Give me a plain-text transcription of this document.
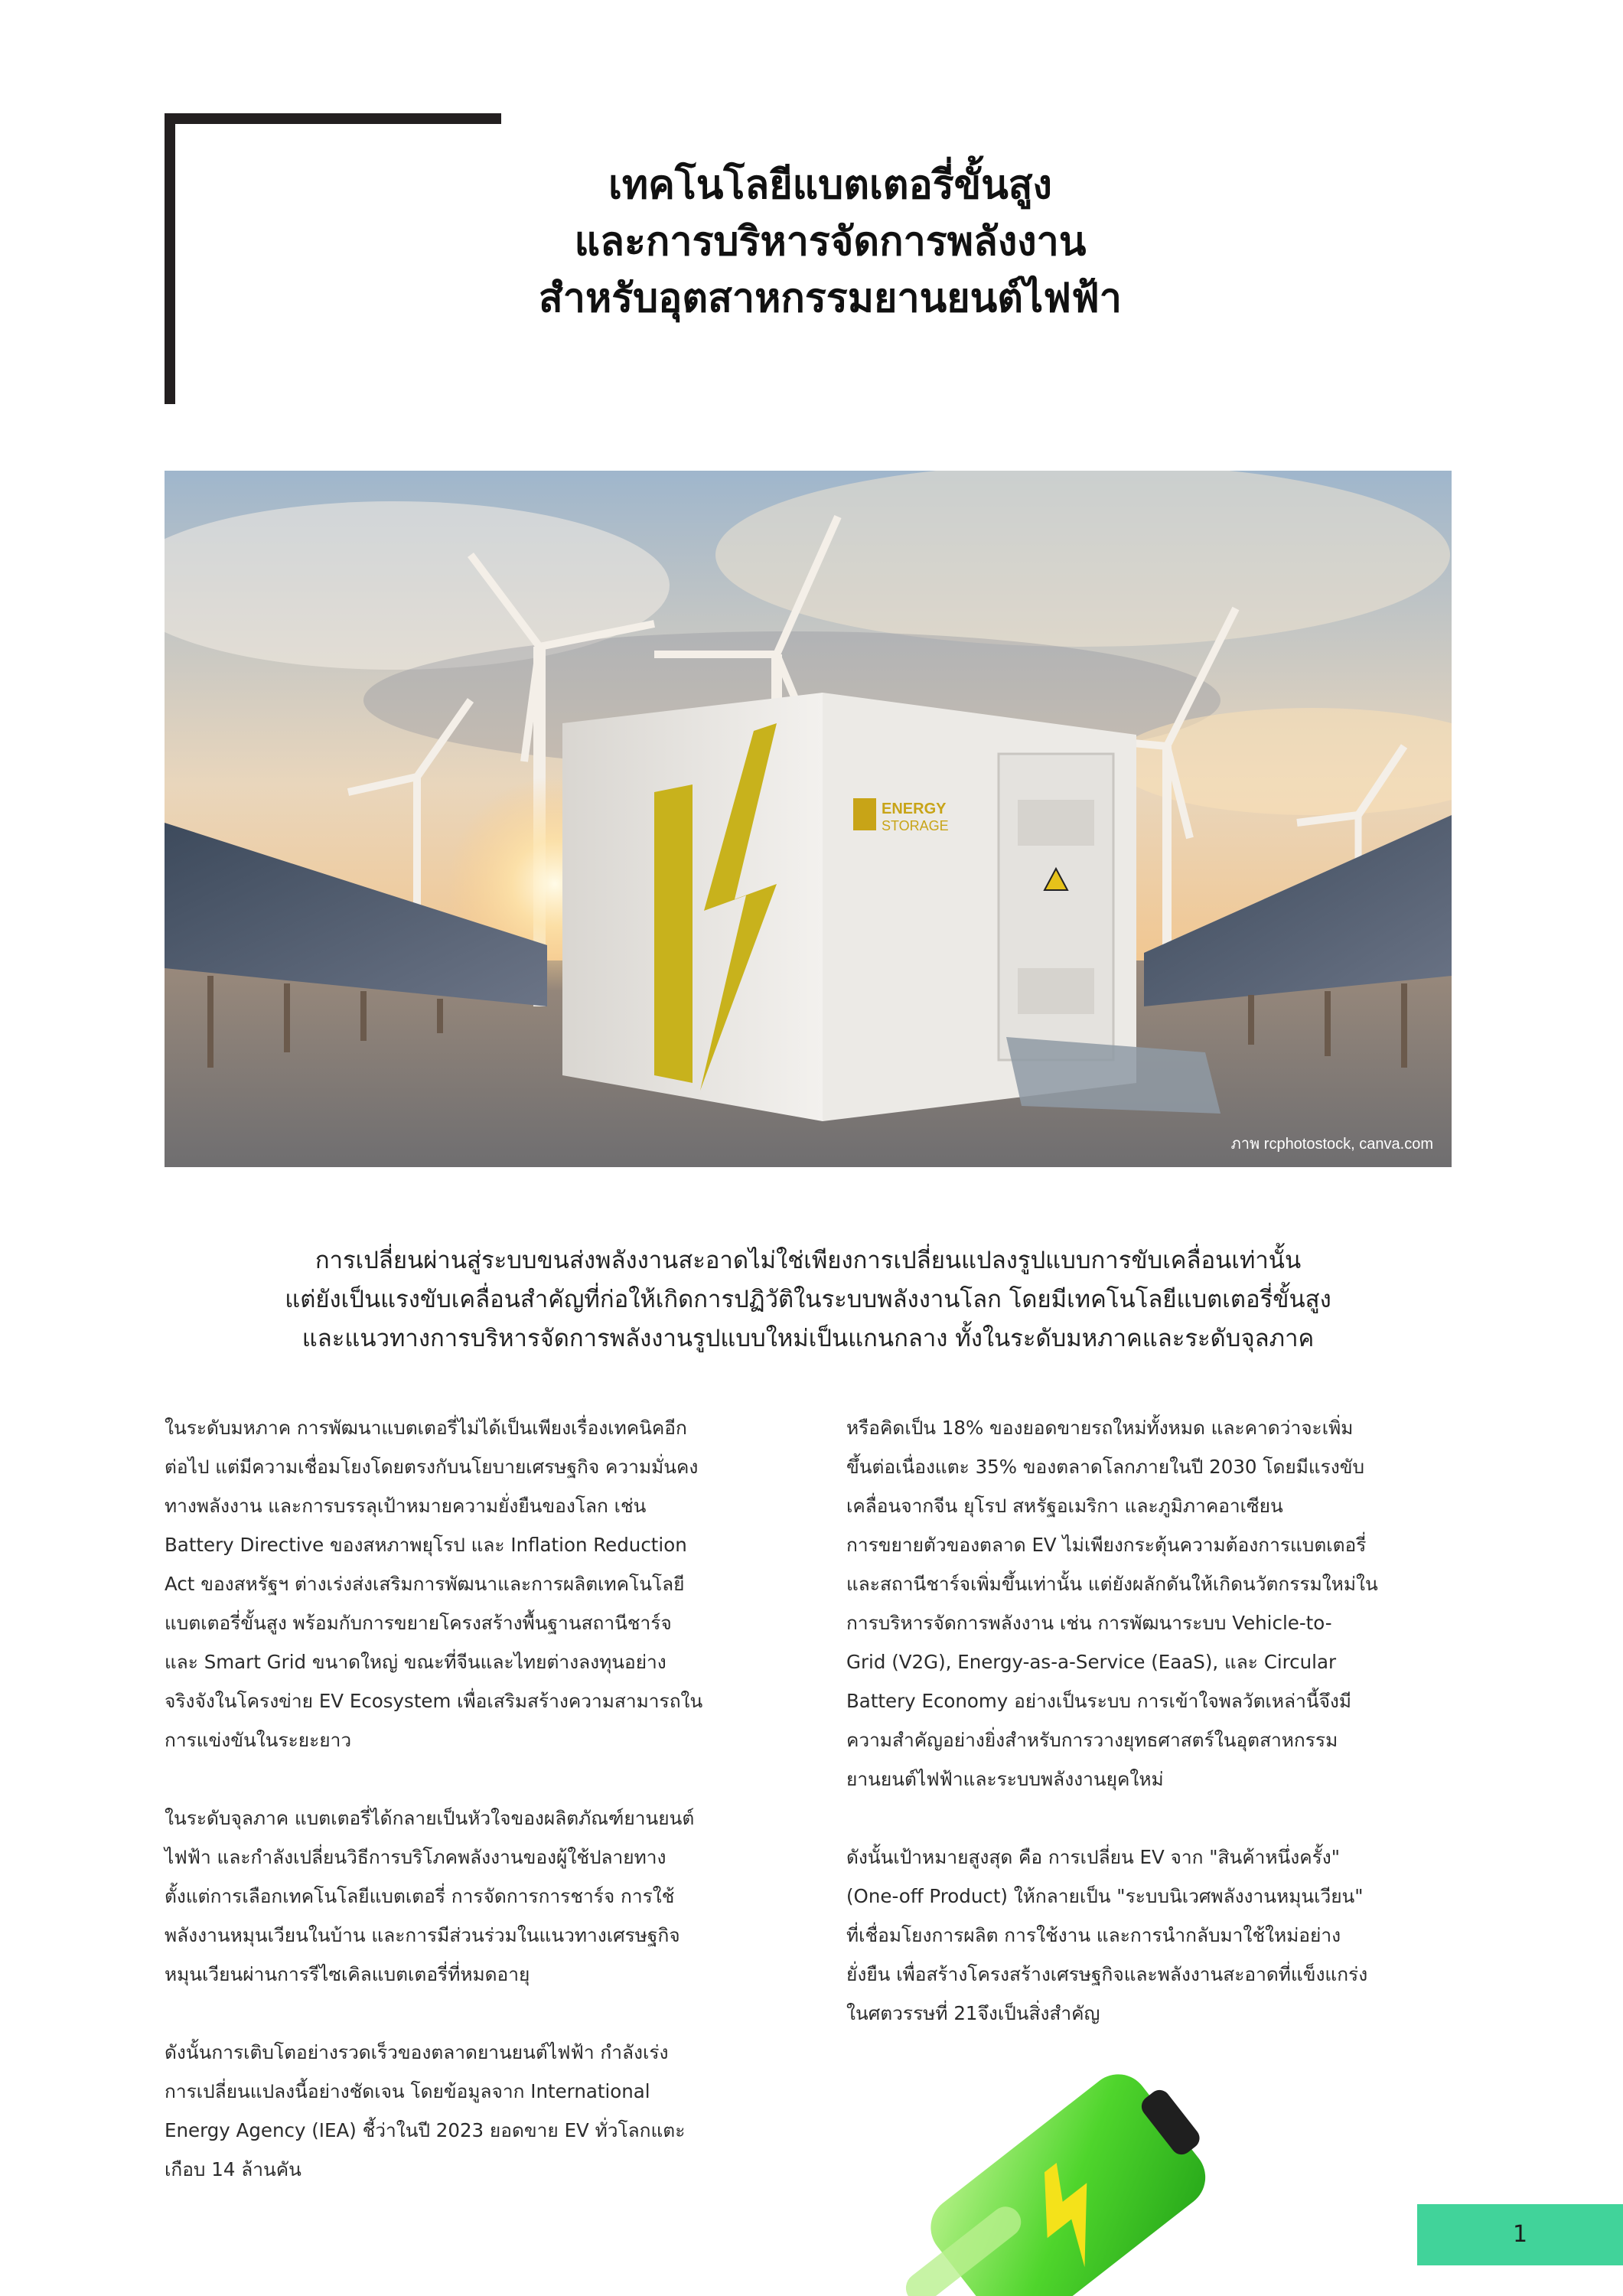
เทคโนโลยีแบตเตอรี่ขั้นสูง
และการบริหารจัดการพลังงาน
สำหรับอุตสาหกรรมยานยนต์ไฟฟ้า
ENERGY
STORAGE
ภาพ rcphotostock, canva.com
การเปลี่ยนผ่านสู่ระบบขนส่งพลังงานสะอาดไม่ใช่เพียงการเปลี่ยนแปลงรูปแบบการขับเคลื่อนเท่านั้น
แต่ยังเป็นแรงขับเคลื่อนสำคัญที่ก่อให้เกิดการปฏิวัติในระบบพลังงานโลก โดยมีเทคโนโลยีแบตเตอรี่ขั้นสูง
และแนวทางการบริหารจัดการพลังงานรูปแบบใหม่เป็นแกนกลาง ทั้งในระดับมหภาคและระดับจุลภาค

ในระดับมหภาค การพัฒนาแบตเตอรี่ไม่ได้เป็นเพียงเรื่องเทคนิคอีก
ต่อไป แต่มีความเชื่อมโยงโดยตรงกับนโยบายเศรษฐกิจ ความมั่นคง
ทางพลังงาน และการบรรลุเป้าหมายความยั่งยืนของโลก เช่น
Battery Directive ของสหภาพยุโรป และ Inflation Reduction
Act ของสหรัฐฯ ต่างเร่งส่งเสริมการพัฒนาและการผลิตเทคโนโลยี
แบตเตอรี่ขั้นสูง พร้อมกับการขยายโครงสร้างพื้นฐานสถานีชาร์จ
และ Smart Grid ขนาดใหญ่ ขณะที่จีนและไทยต่างลงทุนอย่าง
จริงจังในโครงข่าย EV Ecosystem เพื่อเสริมสร้างความสามารถใน
การแข่งขันในระยะยาว

ในระดับจุลภาค แบตเตอรี่ได้กลายเป็นหัวใจของผลิตภัณฑ์ยานยนต์
ไฟฟ้า และกำลังเปลี่ยนวิธีการบริโภคพลังงานของผู้ใช้ปลายทาง
ตั้งแต่การเลือกเทคโนโลยีแบตเตอรี่ การจัดการการชาร์จ การใช้
พลังงานหมุนเวียนในบ้าน และการมีส่วนร่วมในแนวทางเศรษฐกิจ
หมุนเวียนผ่านการรีไซเคิลแบตเตอรี่ที่หมดอายุ

ดังนั้นการเติบโตอย่างรวดเร็วของตลาดยานยนต์ไฟฟ้า กำลังเร่ง
การเปลี่ยนแปลงนี้อย่างชัดเจน โดยข้อมูลจาก International
Energy Agency (IEA) ชี้ว่าในปี 2023 ยอดขาย EV ทั่วโลกแตะ
เกือบ 14 ล้านคัน

หรือคิดเป็น 18% ของยอดขายรถใหม่ทั้งหมด และคาดว่าจะเพิ่ม
ขึ้นต่อเนื่องแตะ 35% ของตลาดโลกภายในปี 2030 โดยมีแรงขับ
เคลื่อนจากจีน ยุโรป สหรัฐอเมริกา และภูมิภาคอาเซียน
การขยายตัวของตลาด EV ไม่เพียงกระตุ้นความต้องการแบตเตอรี่
และสถานีชาร์จเพิ่มขึ้นเท่านั้น แต่ยังผลักดันให้เกิดนวัตกรรมใหม่ใน
การบริหารจัดการพลังงาน เช่น การพัฒนาระบบ Vehicle-to-
Grid (V2G), Energy-as-a-Service (EaaS), และ Circular
Battery Economy อย่างเป็นระบบ การเข้าใจพลวัตเหล่านี้จึงมี
ความสำคัญอย่างยิ่งสำหรับการวางยุทธศาสตร์ในอุตสาหกรรม
ยานยนต์ไฟฟ้าและระบบพลังงานยุคใหม่

ดังนั้นเป้าหมายสูงสุด คือ การเปลี่ยน EV จาก "สินค้าหนึ่งครั้ง"
(One-off Product) ให้กลายเป็น "ระบบนิเวศพลังงานหมุนเวียน"
ที่เชื่อมโยงการผลิต การใช้งาน และการนำกลับมาใช้ใหม่อย่าง
ยั่งยืน เพื่อสร้างโครงสร้างเศรษฐกิจและพลังงานสะอาดที่แข็งแกร่ง
ในศตวรรษที่ 21จึงเป็นสิ่งสำคัญ

1
